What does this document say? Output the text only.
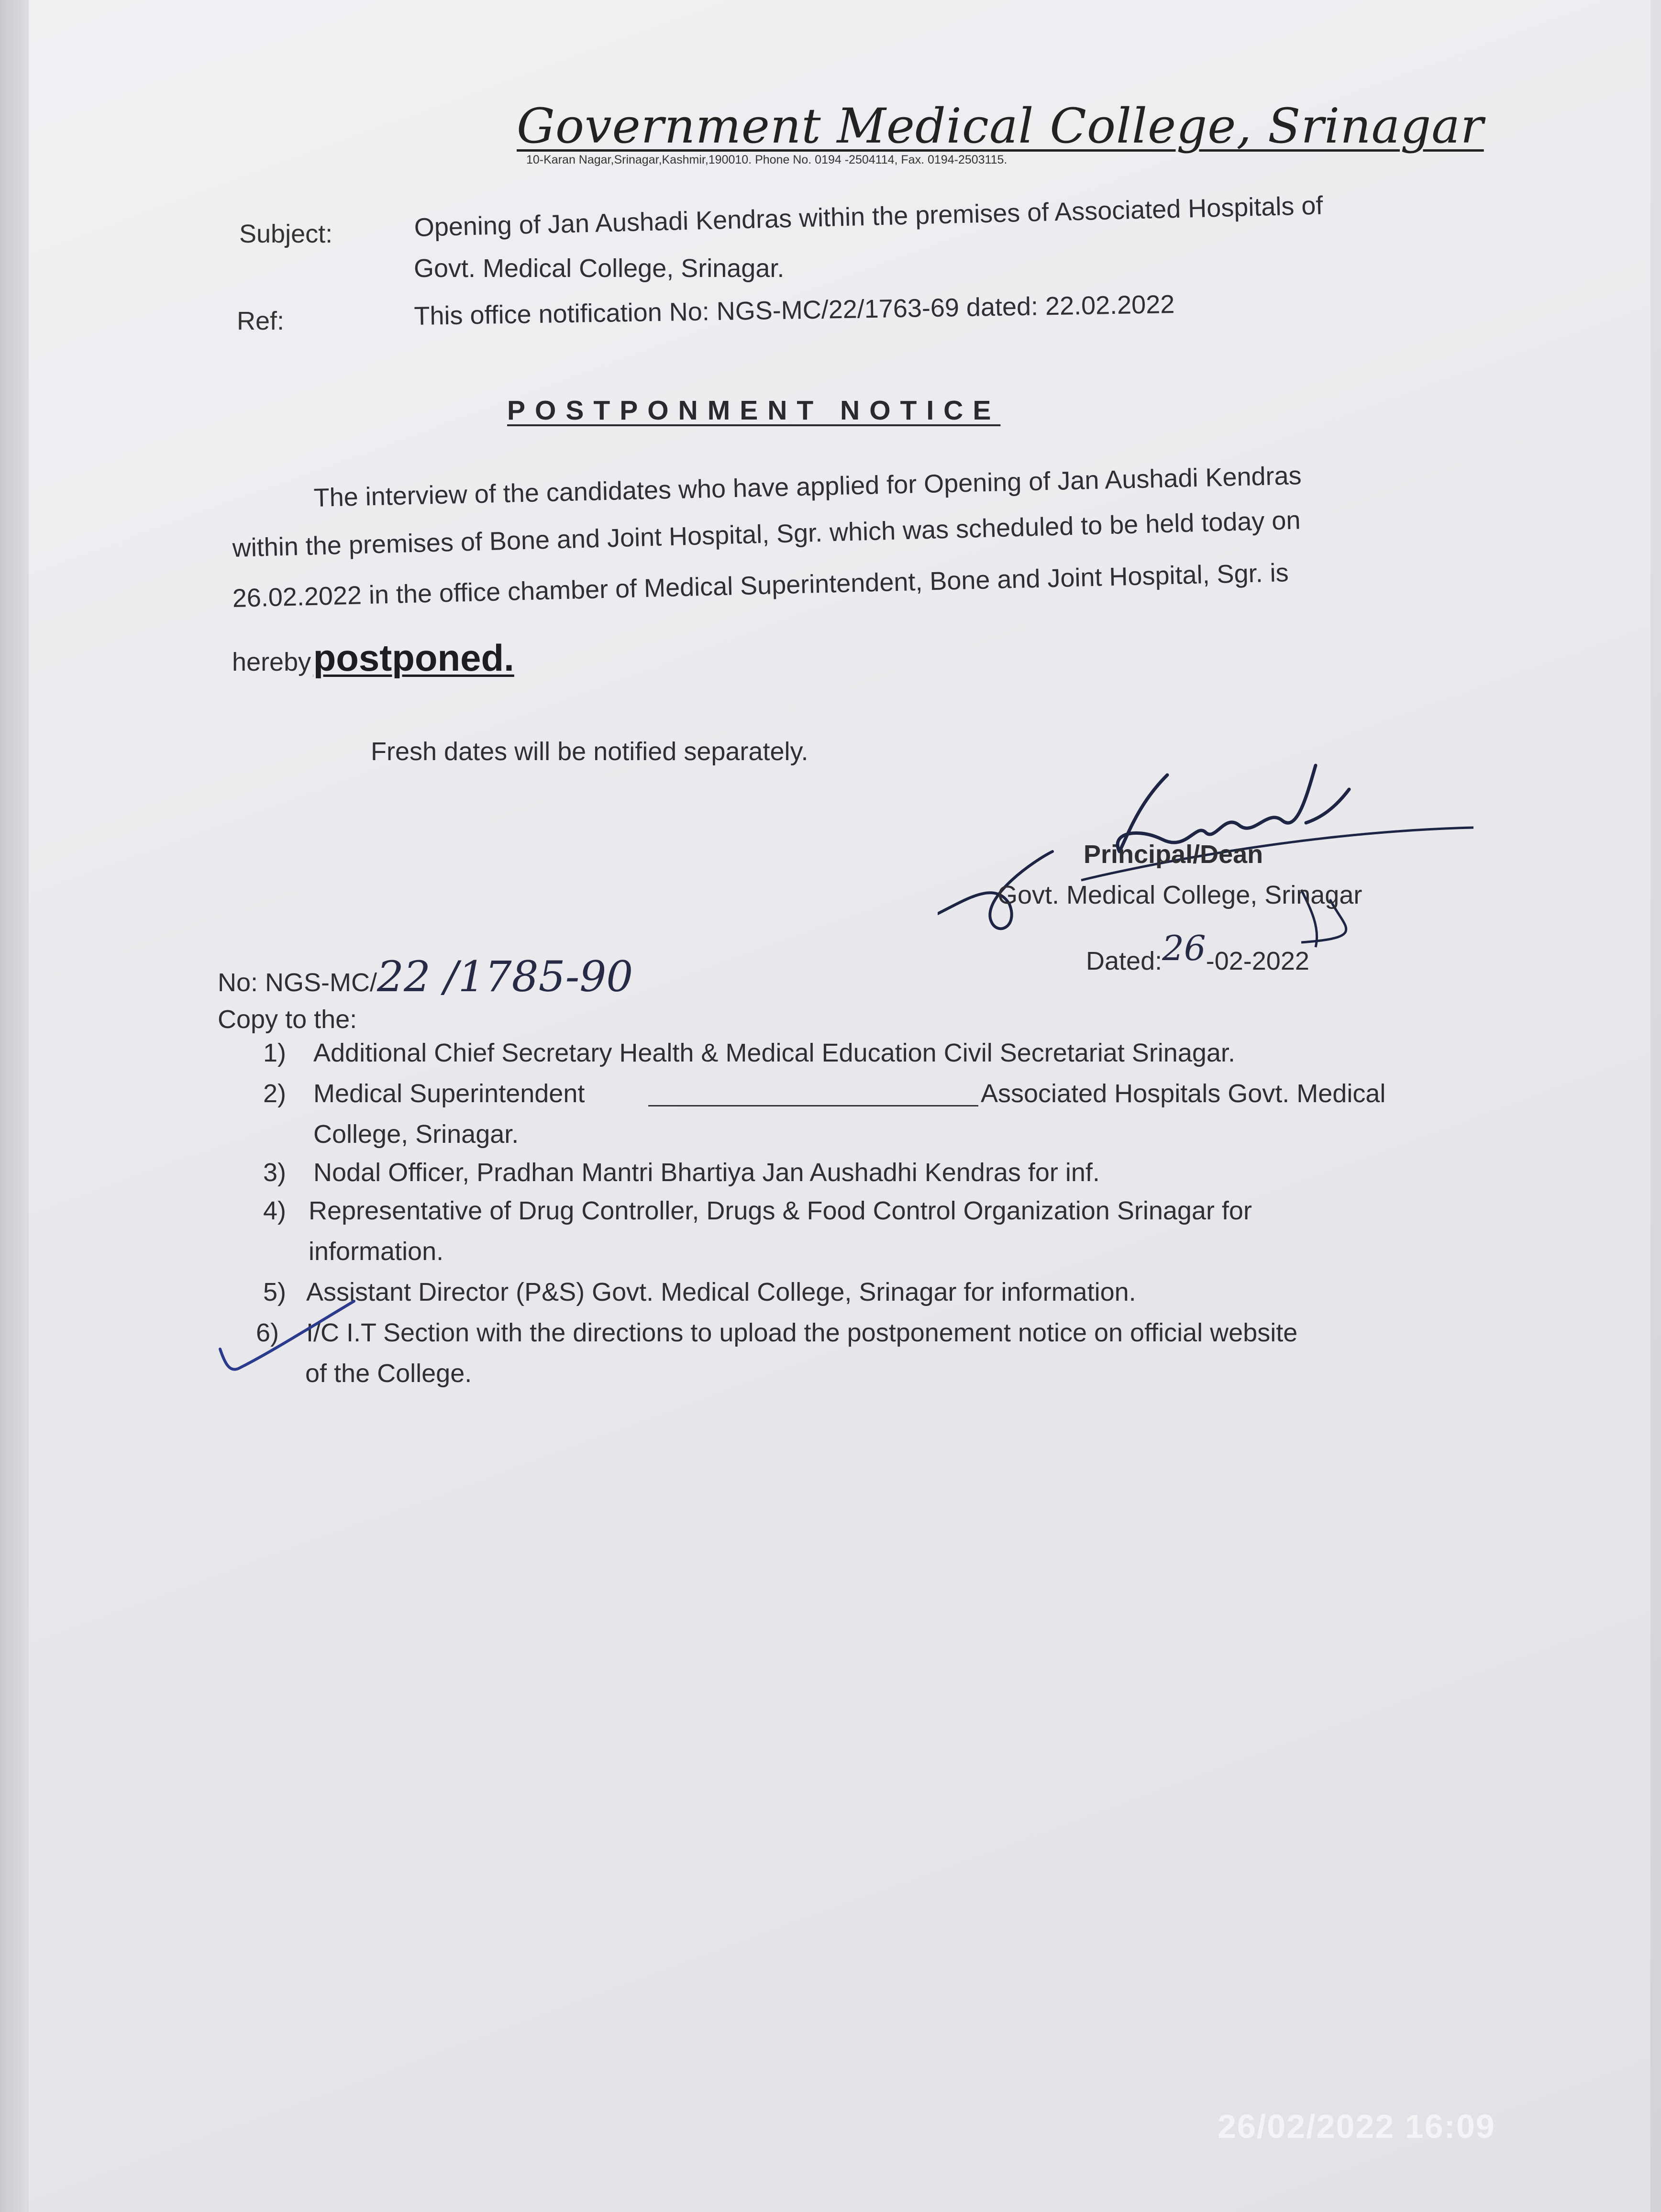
Government Medical College, Srinagar
10-Karan Nagar,Srinagar,Kashmir,190010. Phone No. 0194 -2504114, Fax. 0194-2503115.
Subject:	Opening of Jan Aushadi Kendras within the premises of Associated Hospitals of
Govt. Medical College, Srinagar.
Ref:	This office notification No: NGS-MC/22/1763-69 dated: 22.02.2022
POSTPONMENT NOTICE
The interview of the candidates who have applied for Opening of Jan Aushadi Kendras
within the premises of Bone and Joint Hospital, Sgr. which was scheduled to be held today on
26.02.2022 in the office chamber of Medical Superintendent, Bone and Joint Hospital, Sgr. is
hereby postponed.
Fresh dates will be notified separately.
Principal/Dean
Govt. Medical College, Srinagar
No: NGS-MC/22 /1785-90	Dated:26-02-2022
Copy to the:
1) Additional Chief Secretary Health & Medical Education Civil Secretariat Srinagar.
2) Medical Superintendent	Associated Hospitals Govt. Medical
College, Srinagar.
3) Nodal Officer, Pradhan Mantri Bhartiya Jan Aushadhi Kendras for inf.
4) Representative of Drug Controller, Drugs & Food Control Organization Srinagar for
information.
5) Assistant Director (P&S) Govt. Medical College, Srinagar for information.
6) I/C I.T Section with the directions to upload the postponement notice on official website
of the College.
26/02/2022 16:09
